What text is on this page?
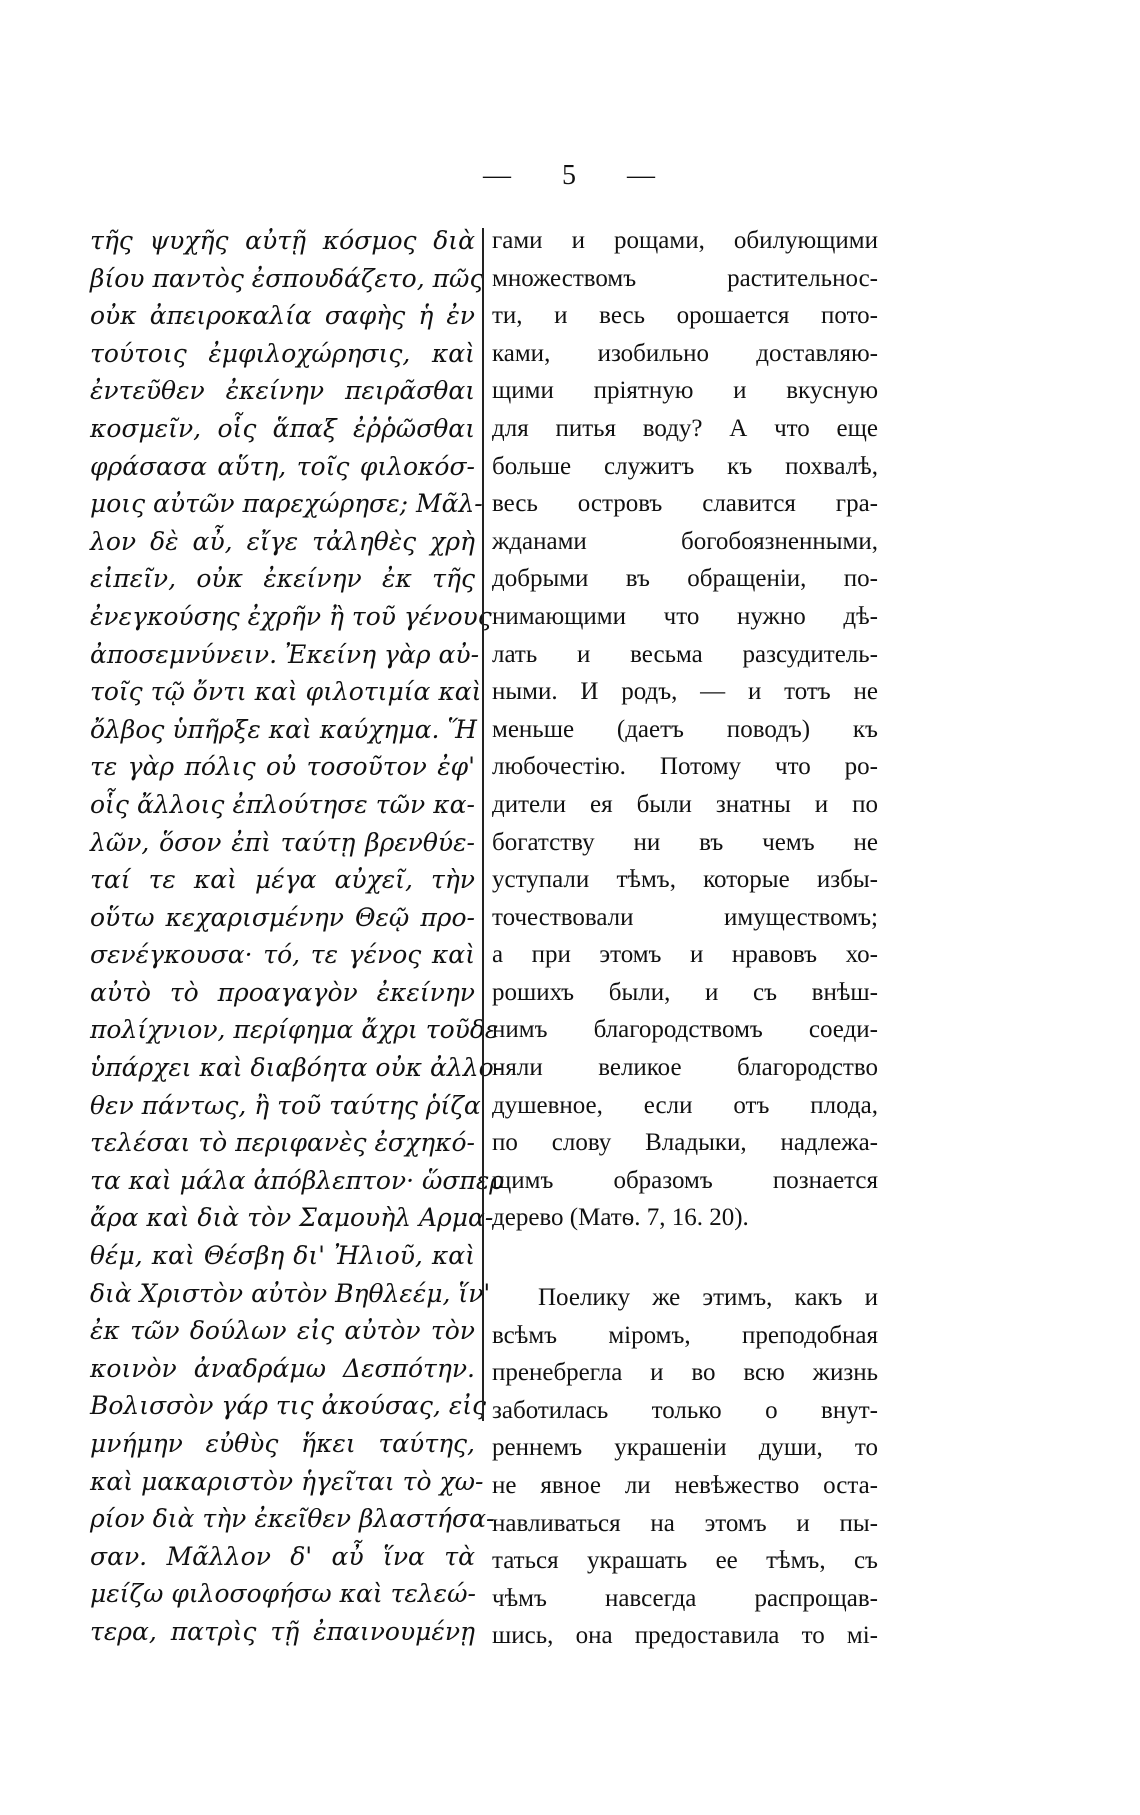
— 5 —
τῆς ψυχῆς αὐτῇ κόσμος διὰ
βίου παντὸς ἐσπουδάζετο, πῶς
οὐκ ἀπειροκαλία σαφὴς ἡ ἐν
τούτοις ἐμφιλοχώρησις, καὶ
ἐντεῦθεν ἐκείνην πειρᾶσθαι
κοσμεῖν, οἷς ἅπαξ ἐῤῥῶσθαι
φράσασα αὕτη, τοῖς φιλοκόσ-
μοις αὐτῶν παρεχώρησε; Μᾶλ-
λον δὲ αὖ, εἴγε τἀληθὲς χρὴ
εἰπεῖν, οὐκ ἐκείνην ἐκ τῆς
ἐνεγκούσης ἐχρῆν ἢ τοῦ γένους
ἀποσεμνύνειν. Ἐκείνη γὰρ αὐ-
τοῖς τῷ ὄντι καὶ φιλοτιμία καὶ
ὄλβος ὑπῆρξε καὶ καύχημα. Ἥ
τε γὰρ πόλις οὐ τοσοῦτον ἐφ'
οἷς ἄλλοις ἐπλούτησε τῶν κα-
λῶν, ὅσον ἐπὶ ταύτῃ βρενθύε-
ταί τε καὶ μέγα αὐχεῖ, τὴν
οὕτω κεχαρισμένην Θεῷ προ-
σενέγκουσα· τό, τε γένος καὶ
αὐτὸ τὸ προαγαγὸν ἐκείνην
πολίχνιον, περίφημα ἄχρι τοῦδε
ὑπάρχει καὶ διαβόητα οὐκ ἀλλο-
θεν πάντως, ἢ τοῦ ταύτης ῥίζα
τελέσαι τὸ περιφανὲς ἐσχηκό-
τα καὶ μάλα ἀπόβλεπτον· ὥσπερ
ἄρα καὶ διὰ τὸν Σαμουὴλ Αρμα-
θέμ, καὶ Θέσβη δι' Ἠλιοῦ, καὶ
διὰ Χριστὸν αὐτὸν Βηθλεέμ, ἵν'
ἐκ τῶν δούλων εἰς αὐτὸν τὸν
κοινὸν ἀναδράμω Δεσπότην.
Βολισσὸν γάρ τις ἀκούσας, εἰς
μνήμην εὐθὺς ἥκει ταύτης,
καὶ μακαριστὸν ἡγεῖται τὸ χω-
ρίον διὰ τὴν ἐκεῖθεν βλαστήσα-
σαν. Μᾶλλον δ' αὖ ἵνα τὰ
μείζω φιλοσοφήσω καὶ τελεώ-
τερα, πατρὶς τῇ ἐπαινουμένῃ
гами и рощами, обилующими
множествомъ растительнос-
ти, и весь орошается пото-
ками, изобильно доставляю-
щими пріятную и вкусную
для питья воду? А что еще
больше служитъ къ похвалѣ,
весь островъ славится гра-
жданами богобоязненными,
добрыми въ обращеніи, по-
нимающими что нужно дѣ-
лать и весьма разсудитель-
ными. И родъ, — и тотъ не
меньше (даетъ поводъ) къ
любочестію. Потому что ро-
дители ея были знатны и по
богатству ни въ чемъ не
уступали тѣмъ, которые избы-
точествовали имуществомъ;
а при этомъ и нравовъ хо-
рошихъ были, и съ внѣш-
нимъ благородствомъ соеди-
няли великое благородство
душевное, если отъ плода,
по слову Владыки, надлежа-
щимъ образомъ познается
дерево (Матѳ. 7, 16. 20).
Поелику же этимъ, какъ и
всѣмъ міромъ, преподобная
пренебрегла и во всю жизнь
заботилась только о внут-
реннемъ украшеніи души, то
не явное ли невѣжество оста-
навливаться на этомъ и пы-
таться украшать ее тѣмъ, съ
чѣмъ навсегда распрощав-
шись, она предоставила то мі-
